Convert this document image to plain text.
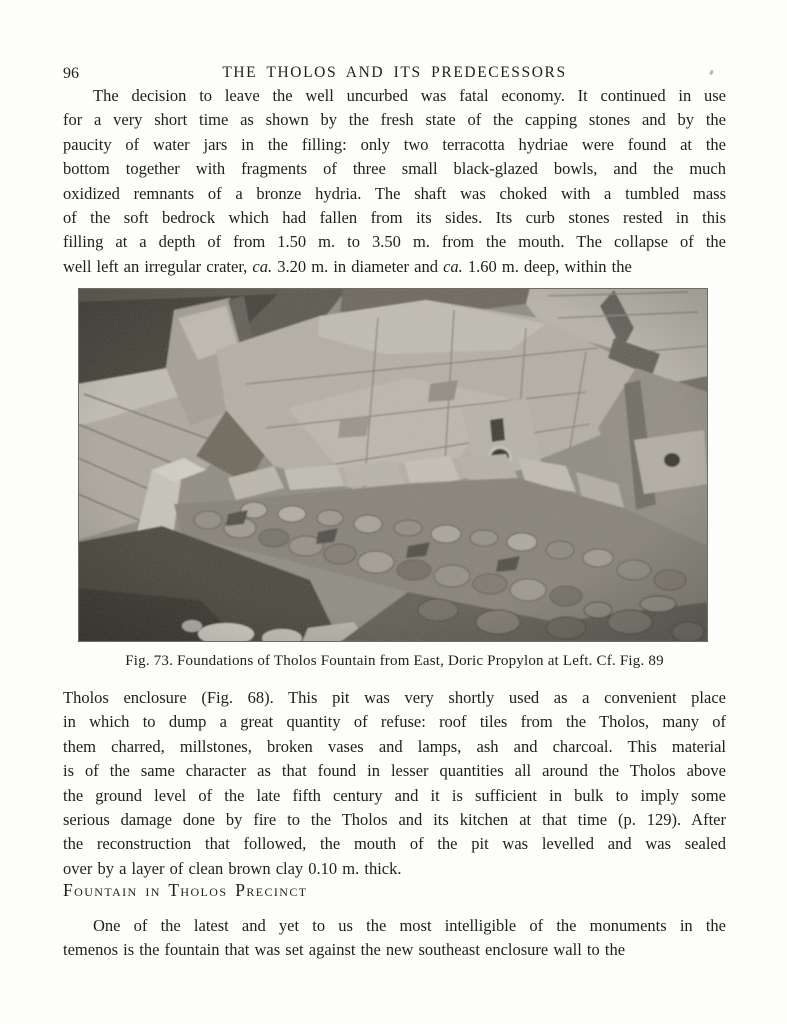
96	THE THOLOS AND ITS PREDECESSORS
The decision to leave the well uncurbed was fatal economy. It continued in use
for a very short time as shown by the fresh state of the capping stones and by the
paucity of water jars in the filling: only two terracotta hydriae were found at the
bottom together with fragments of three small black-glazed bowls, and the much
oxidized remnants of a bronze hydria. The shaft was choked with a tumbled mass
of the soft bedrock which had fallen from its sides. Its curb stones rested in this
filling at a depth of from 1.50 m. to 3.50 m. from the mouth. The collapse of the
well left an irregular crater, ca. 3.20 m. in diameter and ca. 1.60 m. deep, within the
Fig. 73. Foundations of Tholos Fountain from East, Doric Propylon at Left. Cf. Fig. 89
Tholos enclosure (Fig. 68). This pit was very shortly used as a convenient place
in which to dump a great quantity of refuse: roof tiles from the Tholos, many of
them charred, millstones, broken vases and lamps, ash and charcoal. This material
is of the same character as that found in lesser quantities all around the Tholos above
the ground level of the late fifth century and it is sufficient in bulk to imply some
serious damage done by fire to the Tholos and its kitchen at that time (p. 129). After
the reconstruction that followed, the mouth of the pit was levelled and was sealed
over by a layer of clean brown clay 0.10 m. thick.
Fountain in Tholos Precinct
One of the latest and yet to us the most intelligible of the monuments in the
temenos is the fountain that was set against the new southeast enclosure wall to the
